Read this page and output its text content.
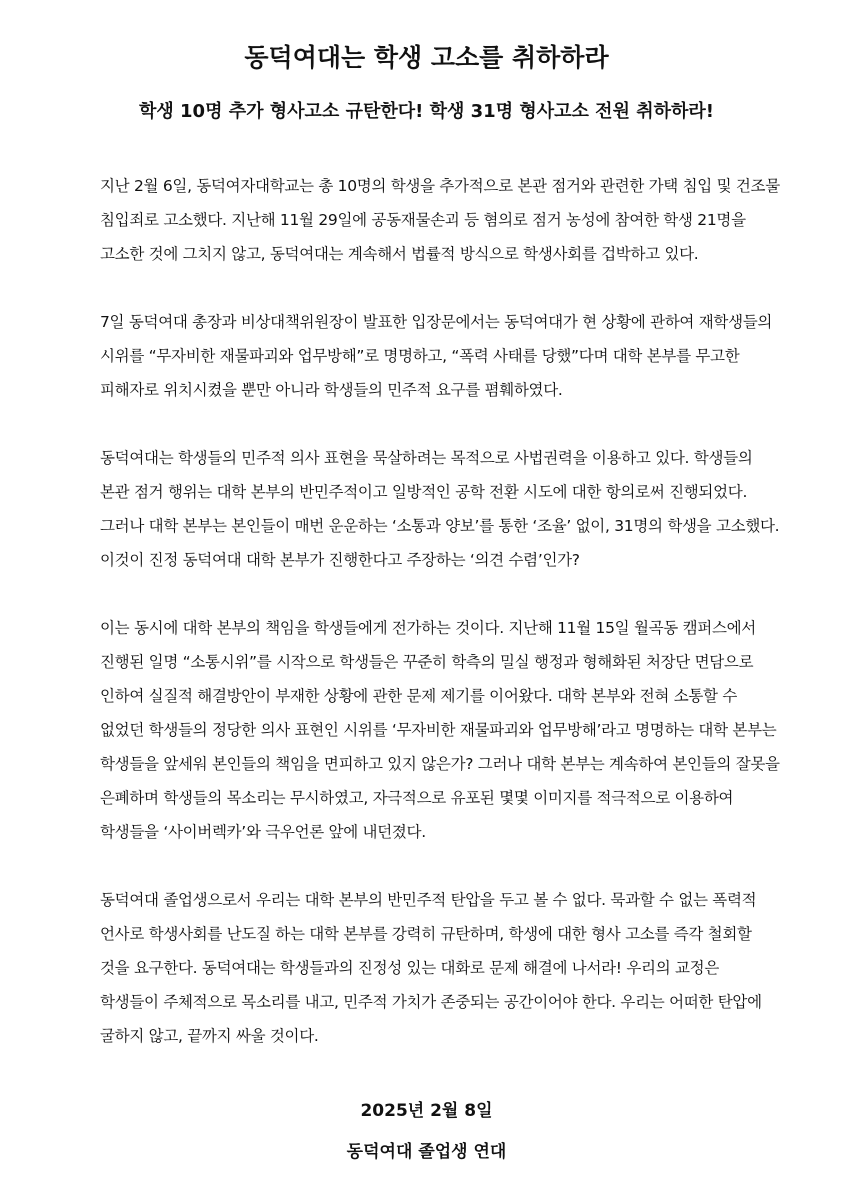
동덕여대는 학생 고소를 취하하라
학생 10명 추가 형사고소 규탄한다! 학생 31명 형사고소 전원 취하하라!
지난 2월 6일, 동덕여자대학교는 총 10명의 학생을 추가적으로 본관 점거와 관련한 가택 침입 및 건조물
침입죄로 고소했다. 지난해 11월 29일에 공동재물손괴 등 혐의로 점거 농성에 참여한 학생 21명을
고소한 것에 그치지 않고, 동덕여대는 계속해서 법률적 방식으로 학생사회를 겁박하고 있다.
7일 동덕여대 총장과 비상대책위원장이 발표한 입장문에서는 동덕여대가 현 상황에 관하여 재학생들의
시위를 “무자비한 재물파괴와 업무방해”로 명명하고, “폭력 사태를 당했”다며 대학 본부를 무고한
피해자로 위치시켰을 뿐만 아니라 학생들의 민주적 요구를 폄훼하였다.
동덕여대는 학생들의 민주적 의사 표현을 묵살하려는 목적으로 사법권력을 이용하고 있다. 학생들의
본관 점거 행위는 대학 본부의 반민주적이고 일방적인 공학 전환 시도에 대한 항의로써 진행되었다.
그러나 대학 본부는 본인들이 매번 운운하는 ‘소통과 양보’를 통한 ‘조율’ 없이, 31명의 학생을 고소했다.
이것이 진정 동덕여대 대학 본부가 진행한다고 주장하는 ‘의견 수렴’인가?
이는 동시에 대학 본부의 책임을 학생들에게 전가하는 것이다. 지난해 11월 15일 월곡동 캠퍼스에서
진행된 일명 “소통시위”를 시작으로 학생들은 꾸준히 학측의 밀실 행정과 형해화된 처장단 면담으로
인하여 실질적 해결방안이 부재한 상황에 관한 문제 제기를 이어왔다. 대학 본부와 전혀 소통할 수
없었던 학생들의 정당한 의사 표현인 시위를 ‘무자비한 재물파괴와 업무방해’라고 명명하는 대학 본부는
학생들을 앞세워 본인들의 책임을 면피하고 있지 않은가? 그러나 대학 본부는 계속하여 본인들의 잘못을
은폐하며 학생들의 목소리는 무시하였고, 자극적으로 유포된 몇몇 이미지를 적극적으로 이용하여
학생들을 ‘사이버렉카’와 극우언론 앞에 내던졌다.
동덕여대 졸업생으로서 우리는 대학 본부의 반민주적 탄압을 두고 볼 수 없다. 묵과할 수 없는 폭력적
언사로 학생사회를 난도질 하는 대학 본부를 강력히 규탄하며, 학생에 대한 형사 고소를 즉각 철회할
것을 요구한다. 동덕여대는 학생들과의 진정성 있는 대화로 문제 해결에 나서라! 우리의 교정은
학생들이 주체적으로 목소리를 내고, 민주적 가치가 존중되는 공간이어야 한다. 우리는 어떠한 탄압에
굴하지 않고, 끝까지 싸울 것이다.
2025년 2월 8일
동덕여대 졸업생 연대
